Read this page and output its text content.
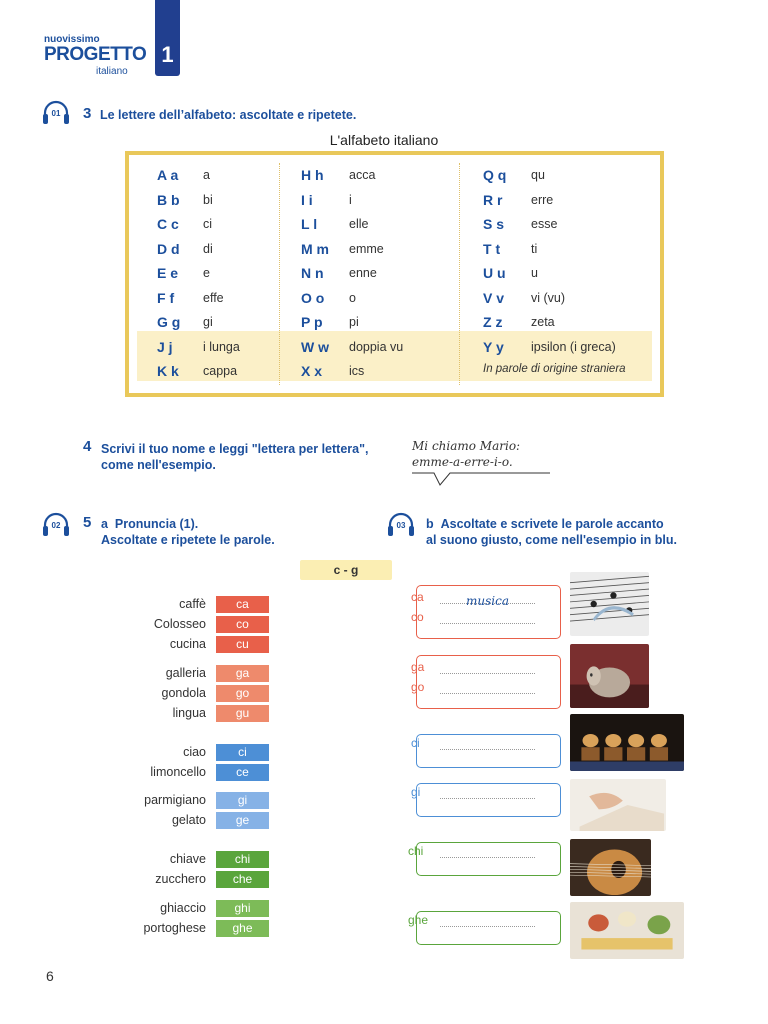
nuovissimo
PROGETTO
italiano
1
01	3 Le lettere dell’alfabeto: ascoltate e ripetete.
L'alfabeto italiano
A a a
B b bi
C c ci
D d di
E e e
F f effe
G g gi
J j i lunga
K k cappa
H h acca
I i	i
L l	elle
M m emme
N n enne
O o o
P p pi
W w doppia vu
X x ics
Q q qu
R r erre
S s esse
T t ti
U u u
V v vi (vu)
Z z zeta
Y y ipsilon (i greca)
In parole di origine straniera
4 Scrivi il tuo nome e leggi "lettera per lettera",
come nell'esempio.
Mi chiamo Mario:
emme-a-erre-i-o.
02	5 a Pronuncia (1).
Ascoltate e ripetete le parole.
03	b Ascoltate e scrivete le parole accanto
al suono giusto, come nell'esempio in blu.
c - g
caffè	ca
Colosseo	co
cucina	cu
galleria	ga
gondola	go
lingua	gu
ciao	ci
limoncello	ce
parmigiano	gi
gelato	ge
chiave	chi
zucchero	che
ghiaccio	ghi
portoghese	ghe
ca
co
musica
ga
go
ci
gi
chi
ghe
6
